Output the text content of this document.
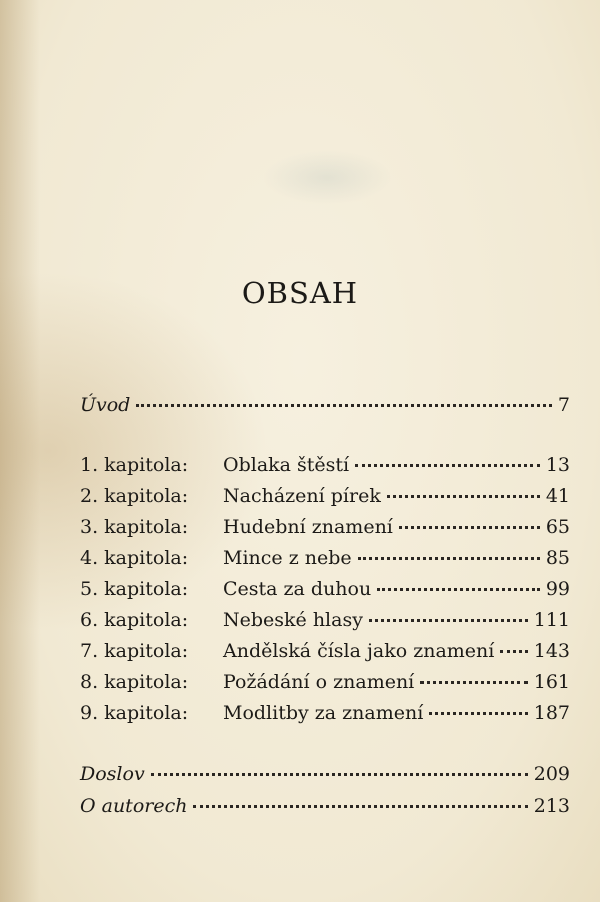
OBSAH
Úvod	7
1. kapitola:	Oblaka štěstí	13
2. kapitola:	Nacházení pírek	41
3. kapitola:	Hudební znamení	65
4. kapitola:	Mince z nebe	85
5. kapitola:	Cesta za duhou	99
6. kapitola:	Nebeské hlasy	111
7. kapitola:	Andělská čísla jako znamení 143
8. kapitola:	Požádání o znamení	161
9. kapitola:	Modlitby za znamení	187
Doslov	209
O autorech	213
